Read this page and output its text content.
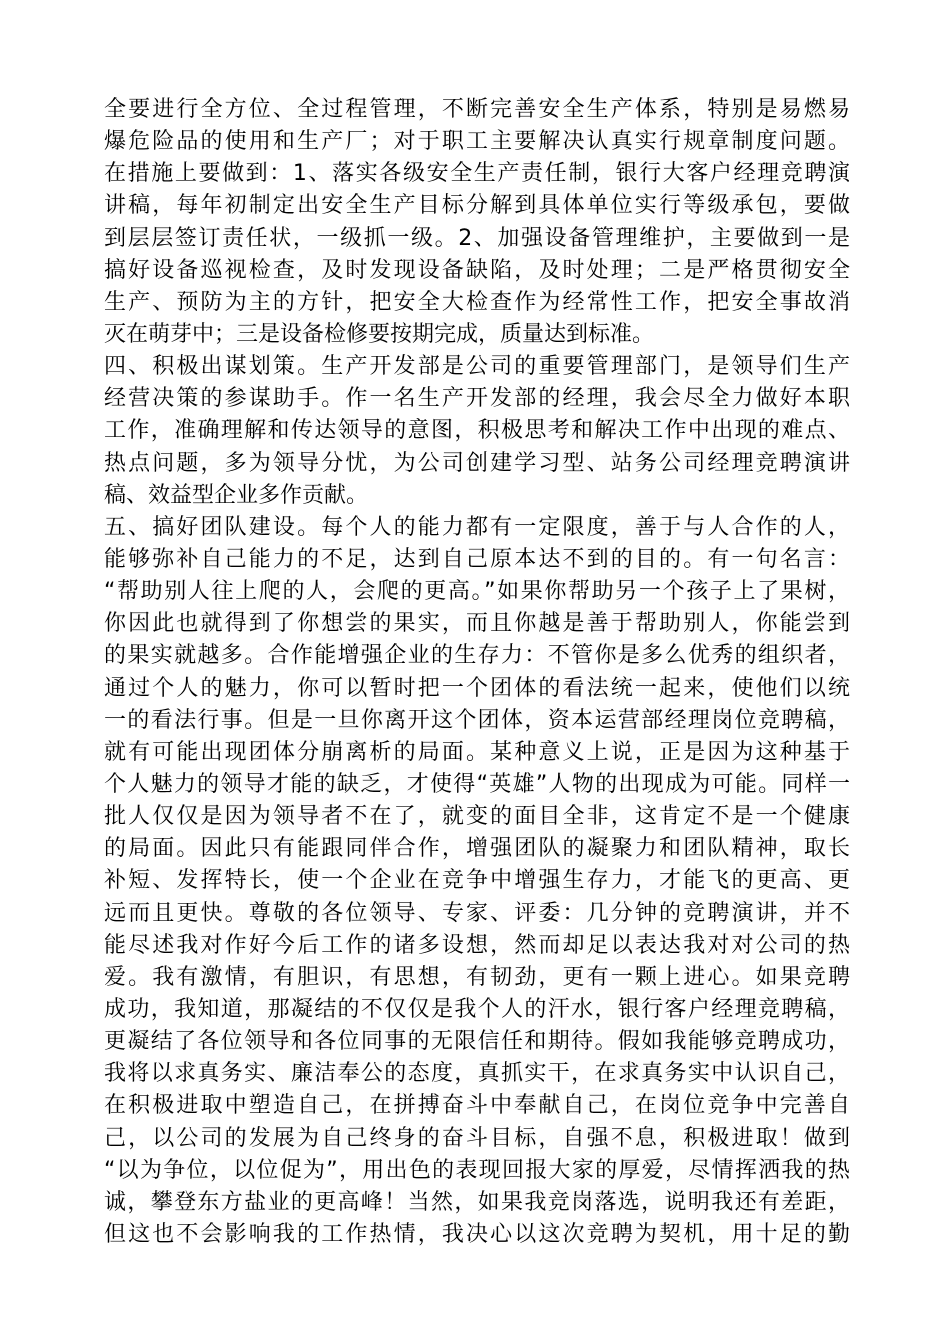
全要进行全方位、全过程管理，不断完善安全生产体系，特别是易燃易
爆危险品的使用和生产厂；对于职工主要解决认真实行规章制度问题。
在措施上要做到：1、落实各级安全生产责任制，银行大客户经理竞聘演
讲稿，每年初制定出安全生产目标分解到具体单位实行等级承包，要做
到层层签订责任状，一级抓一级。2、加强设备管理维护，主要做到一是
搞好设备巡视检查，及时发现设备缺陷，及时处理；二是严格贯彻安全
生产、预防为主的方针，把安全大检查作为经常性工作，把安全事故消
灭在萌芽中；三是设备检修要按期完成，质量达到标准。
四、积极出谋划策。生产开发部是公司的重要管理部门，是领导们生产
经营决策的参谋助手。作一名生产开发部的经理，我会尽全力做好本职
工作，准确理解和传达领导的意图，积极思考和解决工作中出现的难点、
热点问题，多为领导分忧，为公司创建学习型、站务公司经理竞聘演讲
稿、效益型企业多作贡献。
五、搞好团队建设。每个人的能力都有一定限度，善于与人合作的人，
能够弥补自己能力的不足，达到自己原本达不到的目的。有一句名言：
“帮助别人往上爬的人，会爬的更高。”如果你帮助另一个孩子上了果树，
你因此也就得到了你想尝的果实，而且你越是善于帮助别人，你能尝到
的果实就越多。合作能增强企业的生存力：不管你是多么优秀的组织者，
通过个人的魅力，你可以暂时把一个团体的看法统一起来，使他们以统
一的看法行事。但是一旦你离开这个团体，资本运营部经理岗位竞聘稿，
就有可能出现团体分崩离析的局面。某种意义上说，正是因为这种基于
个人魅力的领导才能的缺乏，才使得“英雄”人物的出现成为可能。同样一
批人仅仅是因为领导者不在了，就变的面目全非，这肯定不是一个健康
的局面。因此只有能跟同伴合作，增强团队的凝聚力和团队精神，取长
补短、发挥特长，使一个企业在竞争中增强生存力，才能飞的更高、更
远而且更快。尊敬的各位领导、专家、评委：几分钟的竞聘演讲，并不
能尽述我对作好今后工作的诸多设想，然而却足以表达我对对公司的热
爱。我有激情，有胆识，有思想，有韧劲，更有一颗上进心。如果竞聘
成功，我知道，那凝结的不仅仅是我个人的汗水，银行客户经理竞聘稿，
更凝结了各位领导和各位同事的无限信任和期待。假如我能够竞聘成功，
我将以求真务实、廉洁奉公的态度，真抓实干，在求真务实中认识自己，
在积极进取中塑造自己，在拼搏奋斗中奉献自己，在岗位竞争中完善自
己，以公司的发展为自己终身的奋斗目标，自强不息，积极进取！做到
“以为争位，以位促为”，用出色的表现回报大家的厚爱，尽情挥洒我的热
诚，攀登东方盐业的更高峰！当然，如果我竞岗落选，说明我还有差距，
但这也不会影响我的工作热情，我决心以这次竞聘为契机，用十足的勤
